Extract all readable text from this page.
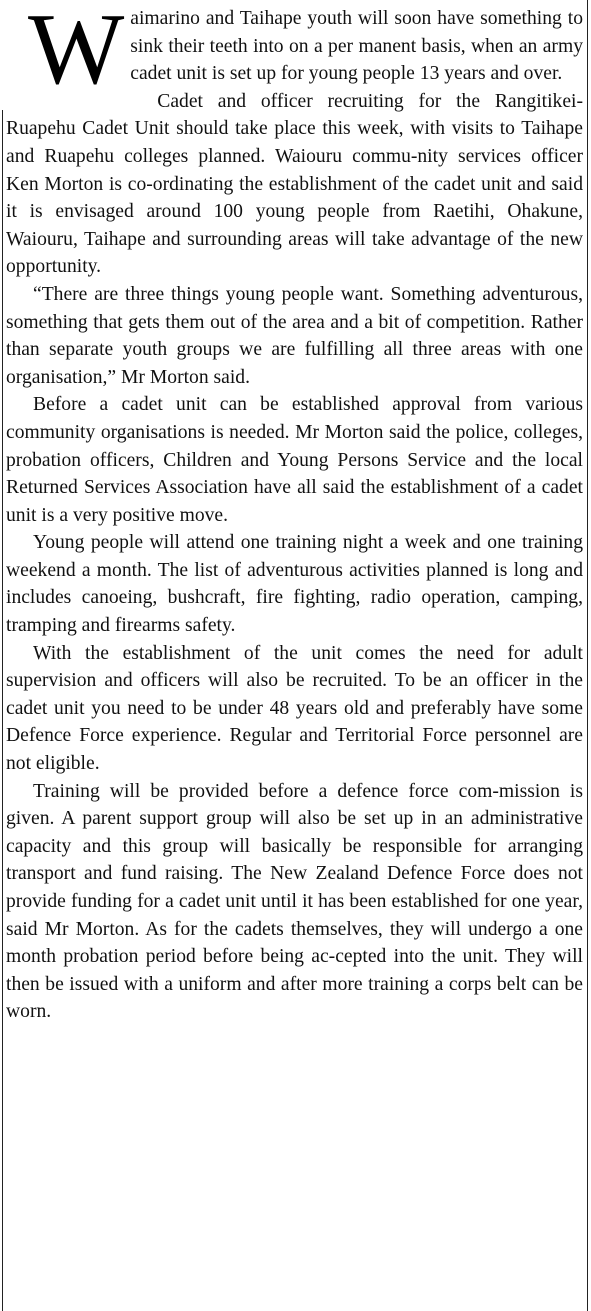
Waimarino and Taihape youth will soon have something to sink their teeth into on a per manent basis, when an army cadet unit is set up for young people 13 years and over.

Cadet and officer recruiting for the Rangitikei-Ruapehu Cadet Unit should take place this week, with visits to Taihape and Ruapehu colleges planned. Waiouru commu-nity services officer Ken Morton is co-ordinating the establishment of the cadet unit and said it is envisaged around 100 young people from Raetihi, Ohakune, Waiouru, Taihape and surrounding areas will take advantage of the new opportunity.

“There are three things young people want. Something adventurous, something that gets them out of the area and a bit of competition. Rather than separate youth groups we are fulfilling all three areas with one organisation,” Mr Morton said.

Before a cadet unit can be established approval from various community organisations is needed. Mr Morton said the police, colleges, probation officers, Children and Young Persons Service and the local Returned Services Association have all said the establishment of a cadet unit is a very positive move.

Young people will attend one training night a week and one training weekend a month. The list of adventurous activities planned is long and includes canoeing, bushcraft, fire fighting, radio operation, camping, tramping and firearms safety.

With the establishment of the unit comes the need for adult supervision and officers will also be recruited. To be an officer in the cadet unit you need to be under 48 years old and preferably have some Defence Force experience. Regular and Territorial Force personnel are not eligible.

Training will be provided before a defence force com-mission is given. A parent support group will also be set up in an administrative capacity and this group will basically be responsible for arranging transport and fund raising. The New Zealand Defence Force does not provide funding for a cadet unit until it has been established for one year, said Mr Morton. As for the cadets themselves, they will undergo a one month probation period before being ac-cepted into the unit. They will then be issued with a uniform and after more training a corps belt can be worn.
